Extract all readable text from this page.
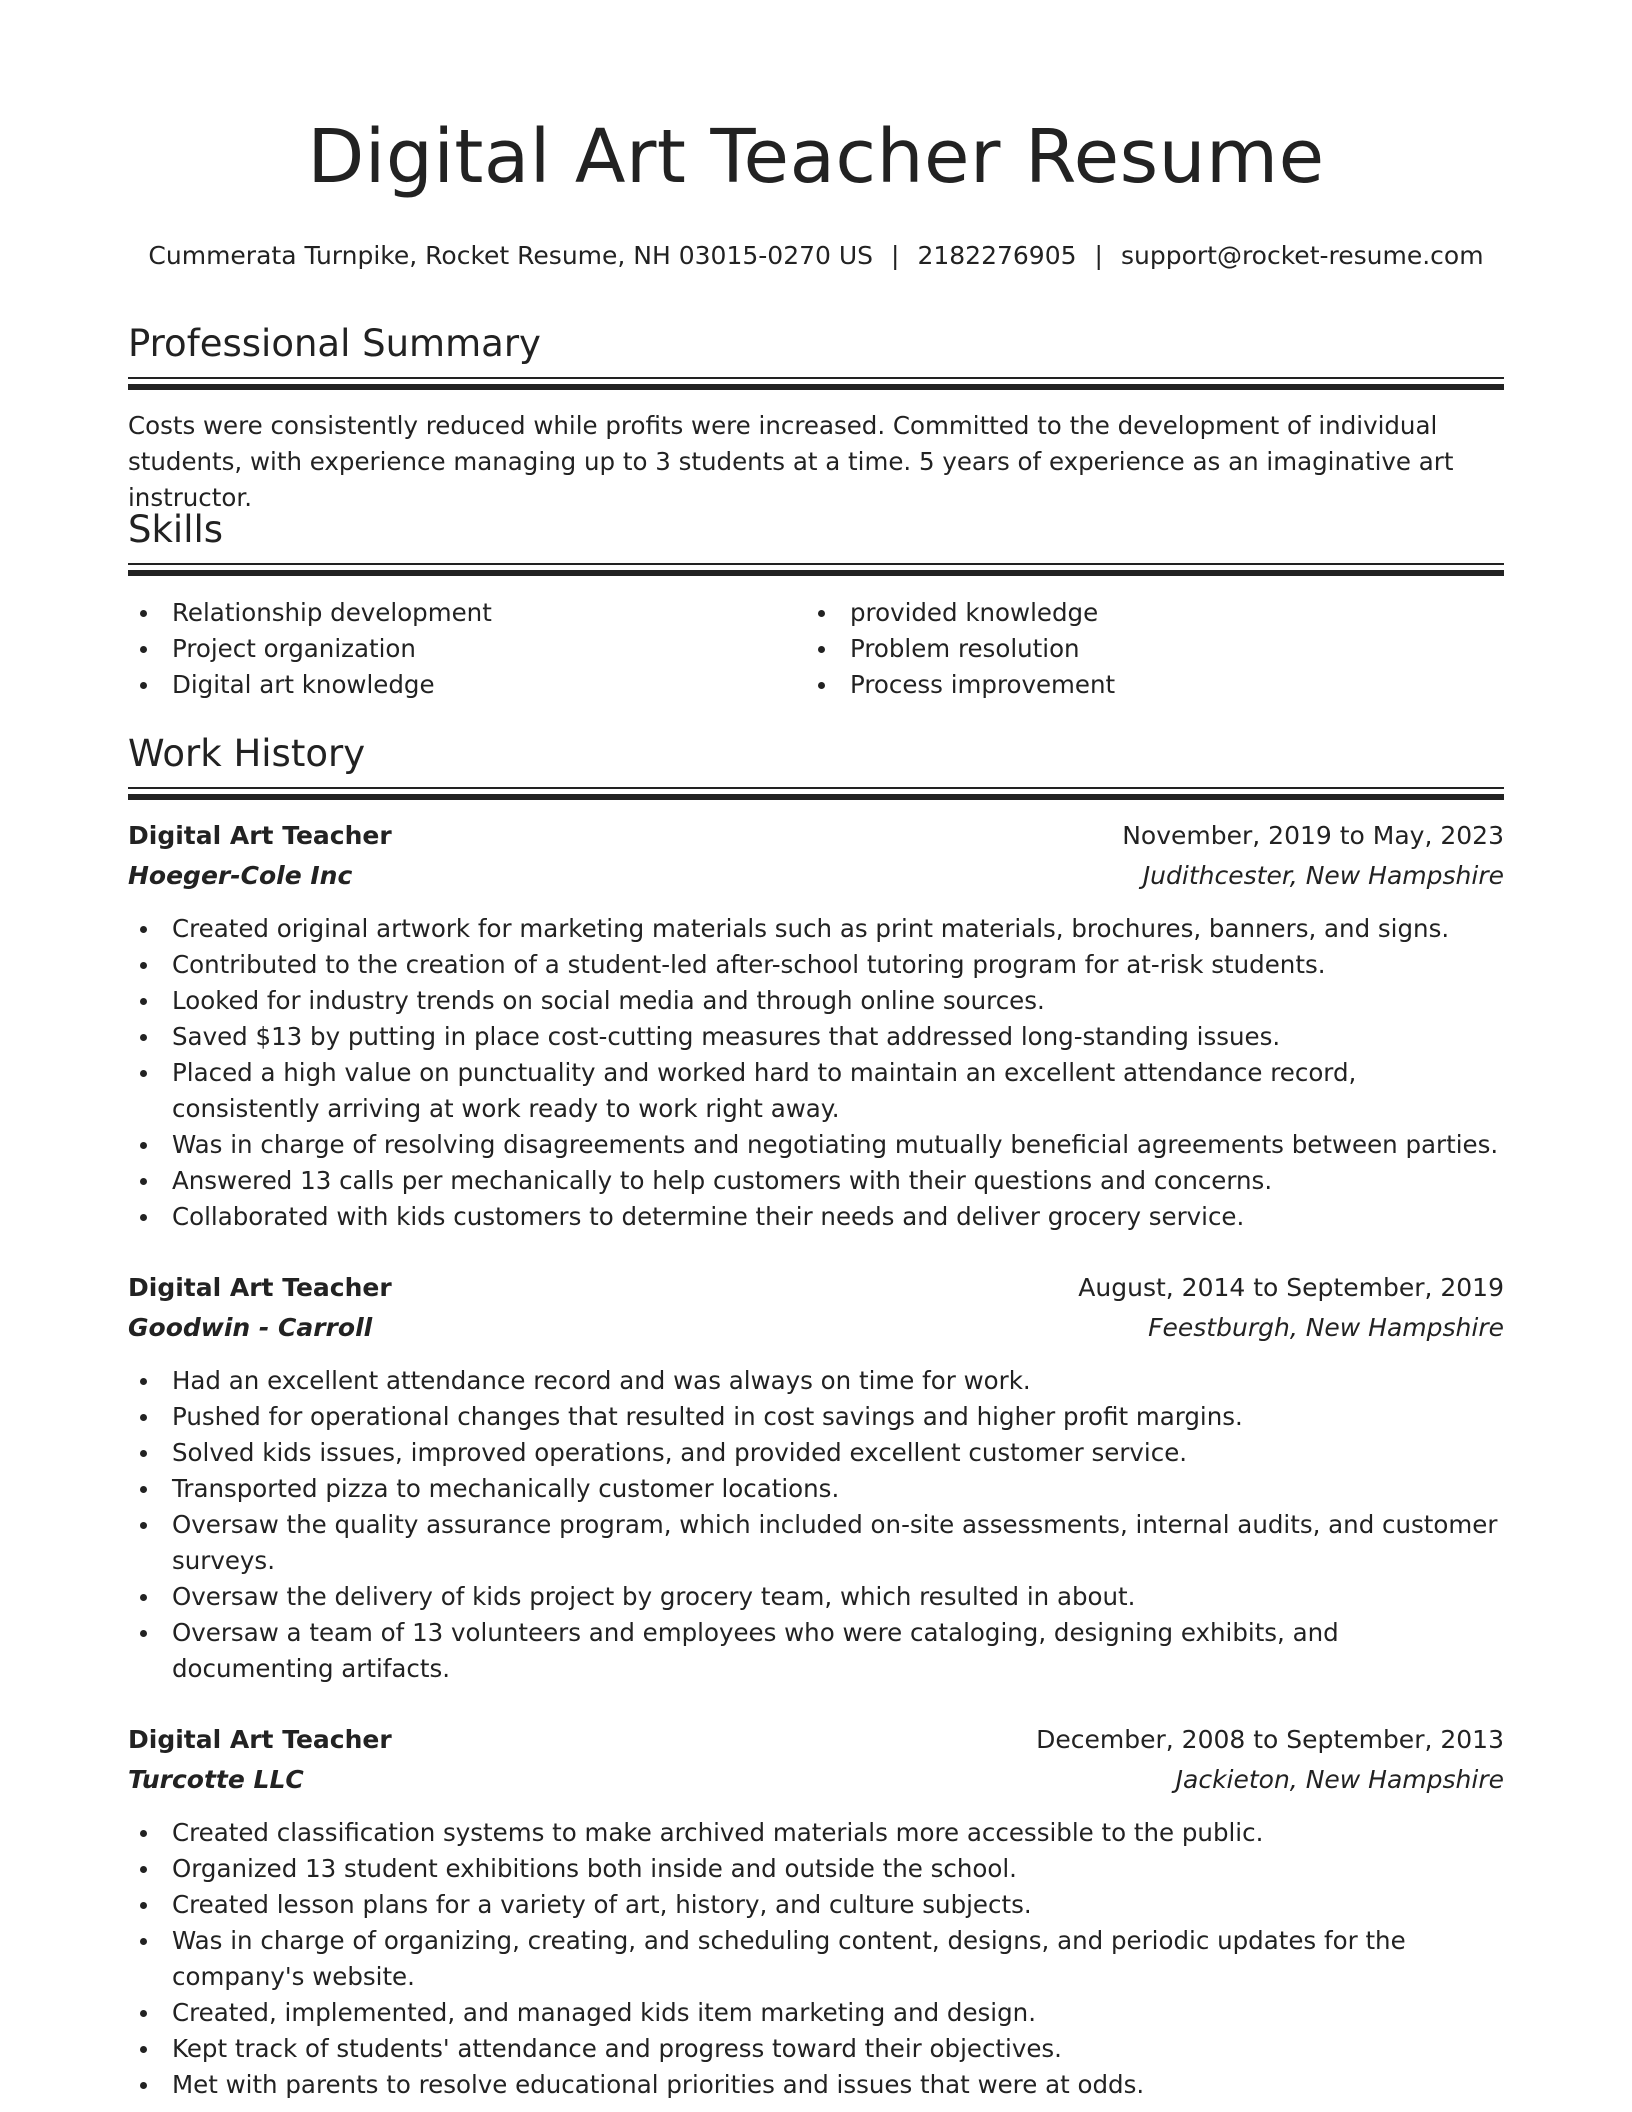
Digital Art Teacher Resume
Cummerata Turnpike, Rocket Resume, NH 03015-0270 US | 2182276905 | support@rocket-resume.com
Professional Summary

Costs were consistently reduced while profits were increased. Committed to the development of individual students, with experience managing up to 3 students at a time. 5 years of experience as an imaginative art instructor.

Skills
Relationship development
Project organization
Digital art knowledge
provided knowledge
Problem resolution
Process improvement
Work History
Digital Art Teacher	November, 2019 to May, 2023
Hoeger-Cole Inc	Judithcester, New Hampshire
Created original artwork for marketing materials such as print materials, brochures, banners, and signs.
Contributed to the creation of a student-led after-school tutoring program for at-risk students.
Looked for industry trends on social media and through online sources.
Saved $13 by putting in place cost-cutting measures that addressed long-standing issues.
Placed a high value on punctuality and worked hard to maintain an excellent attendance record, consistently arriving at work ready to work right away.
Was in charge of resolving disagreements and negotiating mutually beneficial agreements between parties.
Answered 13 calls per mechanically to help customers with their questions and concerns.
Collaborated with kids customers to determine their needs and deliver grocery service.
Digital Art Teacher	August, 2014 to September, 2019
Goodwin - Carroll	Feestburgh, New Hampshire
Had an excellent attendance record and was always on time for work.
Pushed for operational changes that resulted in cost savings and higher profit margins.
Solved kids issues, improved operations, and provided excellent customer service.
Transported pizza to mechanically customer locations.
Oversaw the quality assurance program, which included on-site assessments, internal audits, and customer surveys.
Oversaw the delivery of kids project by grocery team, which resulted in about.
Oversaw a team of 13 volunteers and employees who were cataloging, designing exhibits, and documenting artifacts.
Digital Art Teacher	December, 2008 to September, 2013
Turcotte LLC	Jackieton, New Hampshire
Created classification systems to make archived materials more accessible to the public.
Organized 13 student exhibitions both inside and outside the school.
Created lesson plans for a variety of art, history, and culture subjects.
Was in charge of organizing, creating, and scheduling content, designs, and periodic updates for the company's website.
Created, implemented, and managed kids item marketing and design.
Kept track of students' attendance and progress toward their objectives.
Met with parents to resolve educational priorities and issues that were at odds.
